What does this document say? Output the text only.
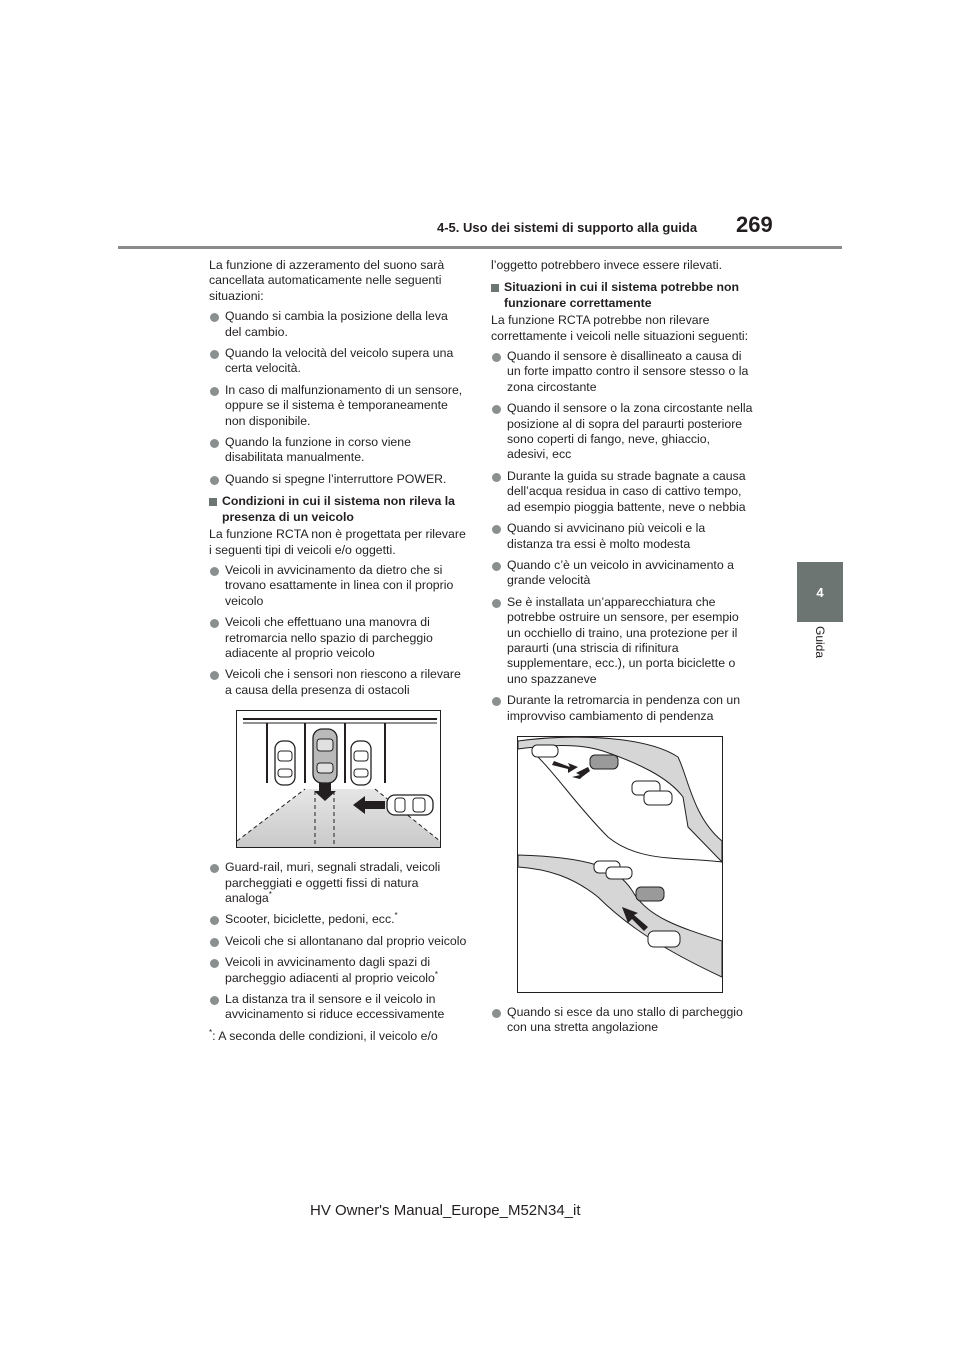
4-5. Uso dei sistemi di supporto alla guida 269
4
Guida

La funzione di azzeramento del suono sarà cancellata automaticamente nelle seguenti situazioni:

Quando si cambia la posizione della leva del cambio.

Quando la velocità del veicolo supera una certa velocità.

In caso di malfunzionamento di un sensore, oppure se il sistema è temporaneamente non disponibile.

Quando la funzione in corso viene disabilitata manualmente.

Quando si spegne l’interruttore POWER.

Condizioni in cui il sistema non rileva la presenza di un veicolo

La funzione RCTA non è progettata per rilevare i seguenti tipi di veicoli e/o oggetti.

Veicoli in avvicinamento da dietro che si trovano esattamente in linea con il proprio veicolo

Veicoli che effettuano una manovra di retromarcia nello spazio di parcheggio adiacente al proprio veicolo

Veicoli che i sensori non riescono a rilevare a causa della presenza di ostacoli

Guard-rail, muri, segnali stradali, veicoli parcheggiati e oggetti fissi di natura analoga*

Scooter, biciclette, pedoni, ecc.*

Veicoli che si allontanano dal proprio veicolo

Veicoli in avvicinamento dagli spazi di parcheggio adiacenti al proprio veicolo*

La distanza tra il sensore e il veicolo in avvicinamento si riduce eccessivamente

*: A seconda delle condizioni, il veicolo e/o

l’oggetto potrebbero invece essere rilevati.

Situazioni in cui il sistema potrebbe non funzionare correttamente

La funzione RCTA potrebbe non rilevare correttamente i veicoli nelle situazioni seguenti:

Quando il sensore è disallineato a causa di un forte impatto contro il sensore stesso o la zona circostante

Quando il sensore o la zona circostante nella posizione al di sopra del paraurti posteriore sono coperti di fango, neve, ghiaccio, adesivi, ecc

Durante la guida su strade bagnate a causa dell’acqua residua in caso di cattivo tempo, ad esempio pioggia battente, neve o nebbia

Quando si avvicinano più veicoli e la distanza tra essi è molto modesta

Quando c’è un veicolo in avvicinamento a grande velocità

Se è installata un’apparecchiatura che potrebbe ostruire un sensore, per esempio un occhiello di traino, una protezione per il paraurti (una striscia di rifinitura supplementare, ecc.), un porta biciclette o uno spazzaneve

Durante la retromarcia in pendenza con un improvviso cambiamento di pendenza

Quando si esce da uno stallo di parcheggio con una stretta angolazione

HV Owner's Manual_Europe_M52N34_it
